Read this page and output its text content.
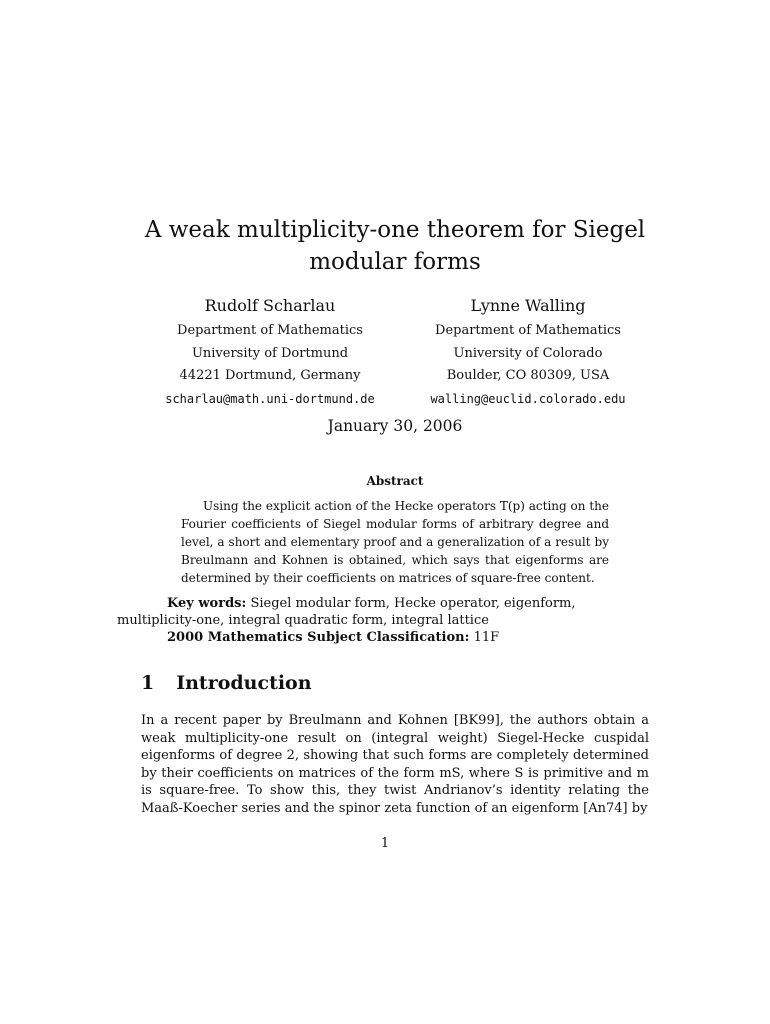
A weak multiplicity-one theorem for Siegel modular forms
Rudolf Scharlau
Department of Mathematics
University of Dortmund
44221 Dortmund, Germany
scharlau@math.uni-dortmund.de
Lynne Walling
Department of Mathematics
University of Colorado
Boulder, CO 80309, USA
walling@euclid.colorado.edu
January 30, 2006
Abstract
Using the explicit action of the Hecke operators T(p) acting on the Fourier coefficients of Siegel modular forms of arbitrary degree and level, a short and elementary proof and a generalization of a result by Breulmann and Kohnen is obtained, which says that eigenforms are determined by their coefficients on matrices of square-free content.

Key words: Siegel modular form, Hecke operator, eigenform, multiplicity-one, integral quadratic form, integral lattice

2000 Mathematics Subject Classification: 11F

1 Introduction
In a recent paper by Breulmann and Kohnen [BK99], the authors obtain a weak multiplicity-one result on (integral weight) Siegel-Hecke cuspidal eigenforms of degree 2, showing that such forms are completely determined by their coefficients on matrices of the form mS, where S is primitive and m is square-free. To show this, they twist Andrianov’s identity relating the Maaß-Koecher series and the spinor zeta function of an eigenform [An74] by
1
